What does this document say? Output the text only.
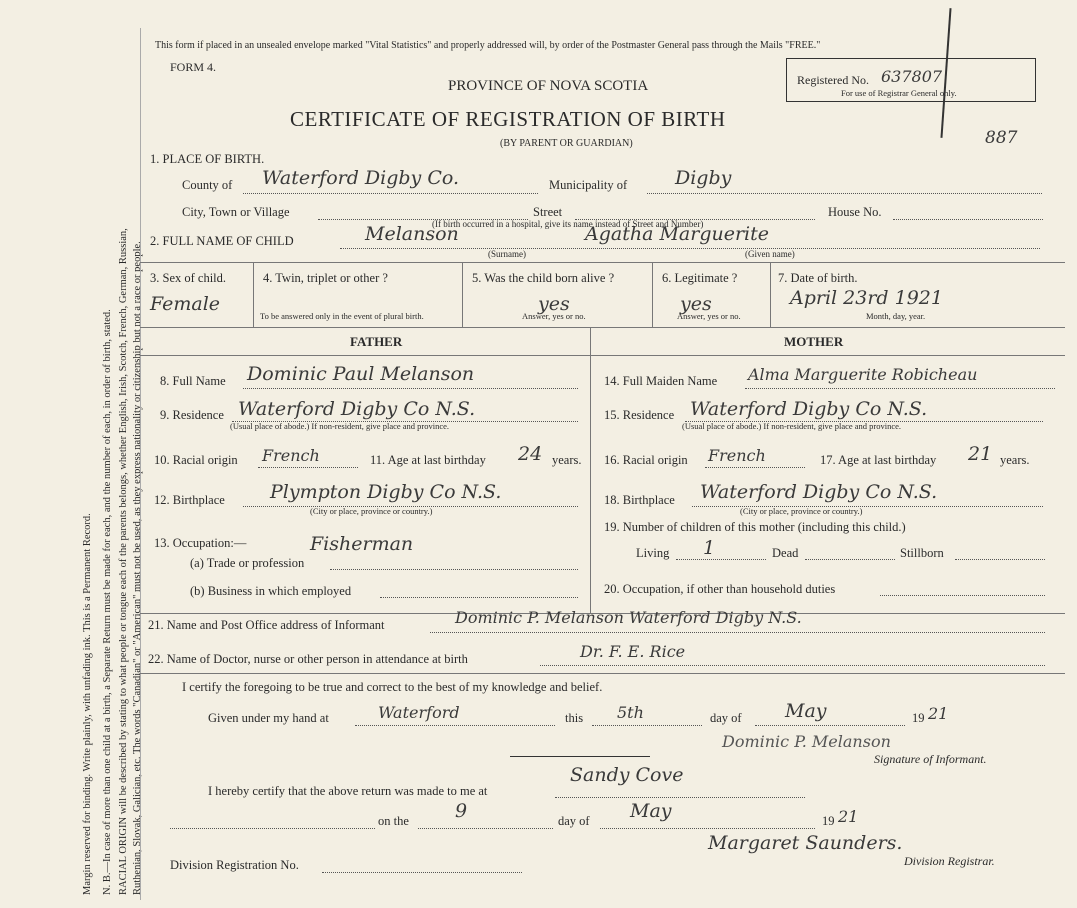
Margin reserved for binding. Write plainly, with unfading ink. This is a Permanent Record. N. B.—In case of more than one child at a birth, a Separate Return must be made for each, and the number of each, in order of birth, stated. RACIAL ORIGIN will be described by stating to what people or tongue each of the parents belongs, whether English, Irish, Scotch, French, German, Russian, Ruthenian, Slovak, Galician, etc. The words "Canadian" or "American" must not be used, as they express nationality or citizenship but not a race or people.
This form if placed in an unsealed envelope marked "Vital Statistics" and properly addressed will, by order of the Postmaster General pass through the Mails "FREE."
FORM 4.
PROVINCE OF NOVA SCOTIA
CERTIFICATE OF REGISTRATION OF BIRTH
(BY PARENT OR GUARDIAN)
Registered No. 637807
For use of Registrar General only.
887
1. PLACE OF BIRTH.
County of Waterford Digby Co.	Municipality of	Digby
City, Town or Village	Street	House No.
(If birth occurred in a hospital, give its name instead of Street and Number)
2. FULL NAME OF CHILD	Melanson	Agatha Marguerite
(Surname)	(Given name)
3. Sex of child.
Female
4. Twin, triplet or other ?
To be answered only in the event of plural birth.
5. Was the child born alive ?
yes
Answer, yes or no.
6. Legitimate ?
yes
Answer, yes or no.
7. Date of birth.
April 23rd 1921
Month, day, year.
FATHER	MOTHER
8. Full Name Dominic Paul Melanson
9. Residence Waterford Digby Co N.S.
(Usual place of abode.) If non-resident, give place and province.
10. Racial origin French	11. Age at last birthday 24 years.
12. Birthplace Plympton Digby Co N.S.
(City or place, province or country.)
13. Occupation:—	Fisherman
(a) Trade or profession
(b) Business in which employed
14. Full Maiden Name Alma Marguerite Robicheau
15. Residence Waterford Digby Co N.S.
(Usual place of abode.) If non-resident, give place and province.
16. Racial origin French	17. Age at last birthday 21 years.
18. Birthplace Waterford Digby Co N.S.
(City or place, province or country.)
19. Number of children of this mother (including this child.)
Living 1	Dead	Stillborn
20. Occupation, if other than household duties
21. Name and Post Office address of Informant	Dominic P. Melanson Waterford Digby N.S.
22. Name of Doctor, nurse or other person in attendance at birth	Dr. F. E. Rice
I certify the foregoing to be true and correct to the best of my knowledge and belief.
Given under my hand at	Waterford	this 5th	day of May	19 21
Dominic P. Melanson
Signature of Informant.
I hereby certify that the above return was made to me at
Sandy Cove
on the 9	day of May	19 21
Margaret Saunders.
Division Registrar.
Division Registration No.
